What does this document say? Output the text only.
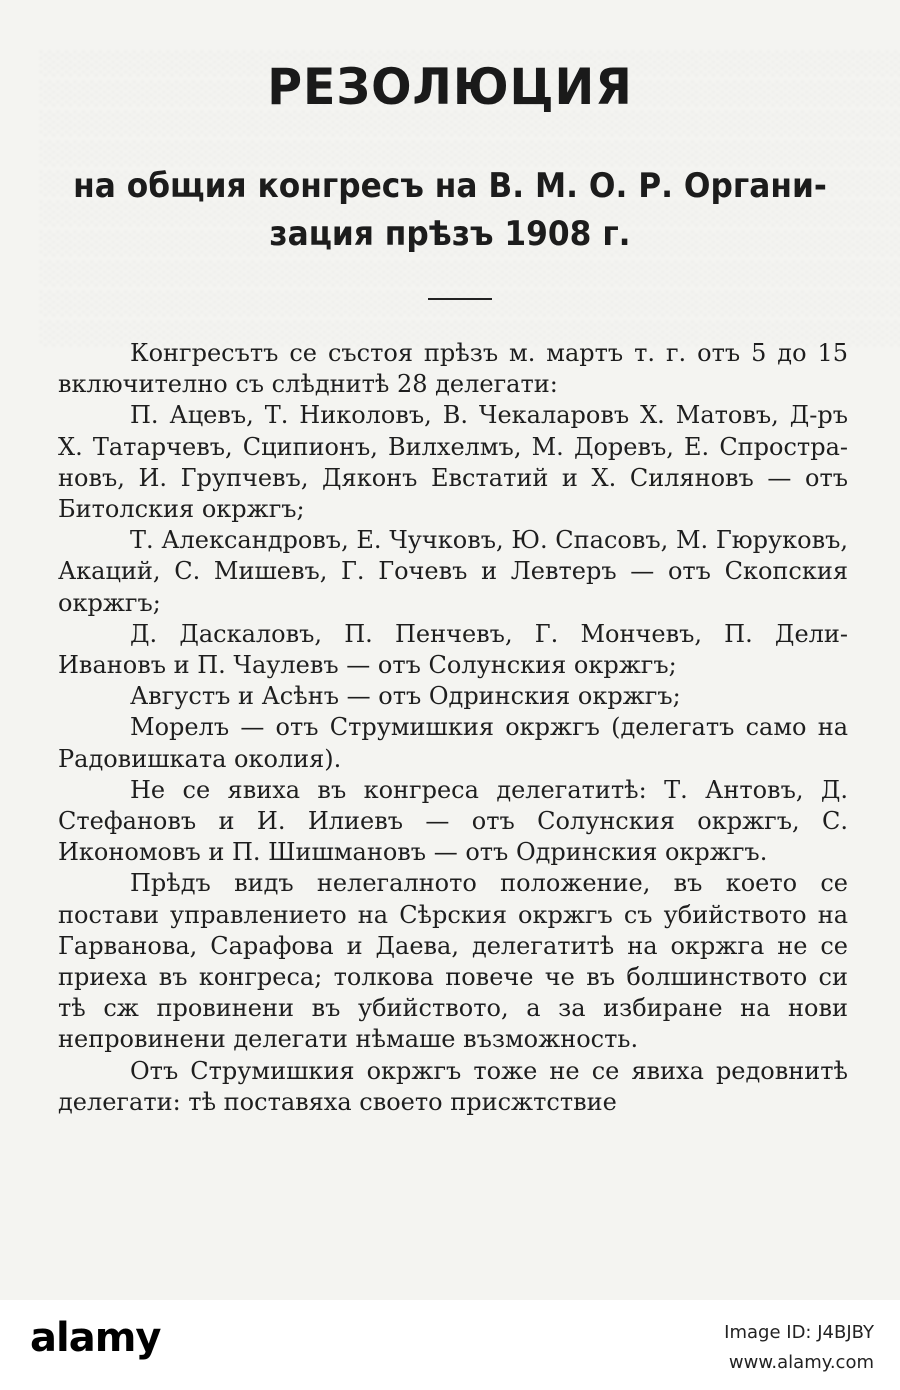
РЕЗОЛЮЦИЯ
на общия конгресъ на В. М. О. Р. Органи-
зация прѣзъ 1908 г.

Конгресътъ се състоя прѣзъ м. мартъ т. г. отъ 5 до 15 включително съ слѣднитѣ 28 делегати:

П. Ацевъ, Т. Николовъ, В. Чекаларовъ Х. Матовъ, Д-ръ Х. Татарчевъ, Сципионъ, Вилхелмъ, М. Доревъ, Е. Спространовъ, И. Групчевъ, Дяконъ Евстатий и Х. Силяновъ — отъ Битолския окржгъ;

Т. Александровъ, Е. Чучковъ, Ю. Спасовъ, М. Гюруковъ, Акаций, С. Мишевъ, Г. Гочевъ и Левтеръ — отъ Скопския окржгъ;

Д. Даскаловъ, П. Пенчевъ, Г. Мончевъ, П. Дели-Ивановъ и П. Чаулевъ — отъ Солунския окржгъ;

Августъ и Асѣнъ — отъ Одринския окржгъ;

Морелъ — отъ Струмишкия окржгъ (делегатъ само на Радовишката околия).

Не се явиха въ конгреса делегатитѣ: Т. Антовъ, Д. Стефановъ и И. Илиевъ — отъ Солунския окржгъ, С. Икономовъ и П. Шишмановъ — отъ Одринския окржгъ.

Прѣдъ видъ нелегалното положение, въ което се постави управлението на Сѣрския окржгъ съ убийството на Гарванова, Сарафова и Даева, делегатитѣ на окржга не се приеха въ конгреса; толкова повече че въ болшинството си тѣ сж провинени въ убийството, а за избиране на нови непровинени делегати нѣмаше възможность.

Отъ Струмишкия окржгъ тоже не се явиха редовнитѣ делегати: тѣ поставяха своето присжтствие

alamy	Image ID: J4BJBY
www.alamy.com
